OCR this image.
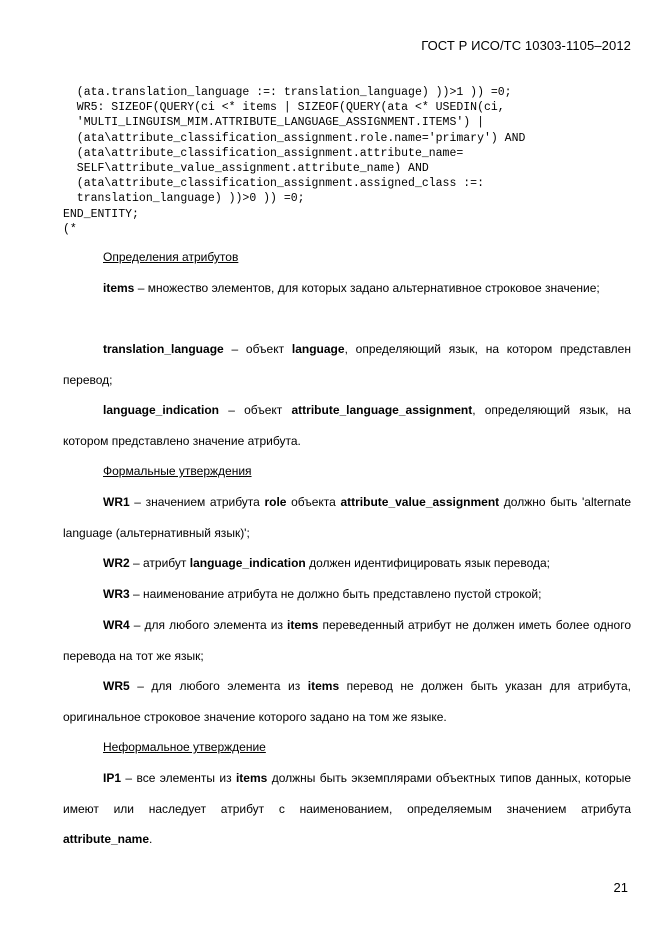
ГОСТ Р ИСО/ТС 10303-1105–2012
(ata.translation_language :=: translation_language) ))>1 )) =0;
WR5: SIZEOF(QUERY(ci <* items | SIZEOF(QUERY(ata <* USEDIN(ci,
'MULTI_LINGUISM_MIM.ATTRIBUTE_LANGUAGE_ASSIGNMENT.ITEMS') |
(ata\attribute_classification_assignment.role.name='primary') AND
(ata\attribute_classification_assignment.attribute_name=
SELF\attribute_value_assignment.attribute_name) AND
(ata\attribute_classification_assignment.assigned_class :=:
translation_language) ))>0 )) =0;
END_ENTITY;
(*
Определения атрибутов
items – множество элементов, для которых задано альтернативное строковое значение;
translation_language – объект language, определяющий язык, на котором представлен перевод;
language_indication – объект attribute_language_assignment, определяющий язык, на котором представлено значение атрибута.
Формальные утверждения
WR1 – значением атрибута role объекта attribute_value_assignment должно быть 'alternate language (альтернативный язык)';
WR2 – атрибут language_indication должен идентифицировать язык перевода;
WR3 – наименование атрибута не должно быть представлено пустой строкой;
WR4 – для любого элемента из items переведенный атрибут не должен иметь более одного перевода на тот же язык;
WR5 – для любого элемента из items перевод не должен быть указан для атрибута, оригинальное строковое значение которого задано на том же языке.
Неформальное утверждение
IP1 – все элементы из items должны быть экземплярами объектных типов данных, которые имеют или наследует атрибут с наименованием, определяемым значением атрибута attribute_name.
21
